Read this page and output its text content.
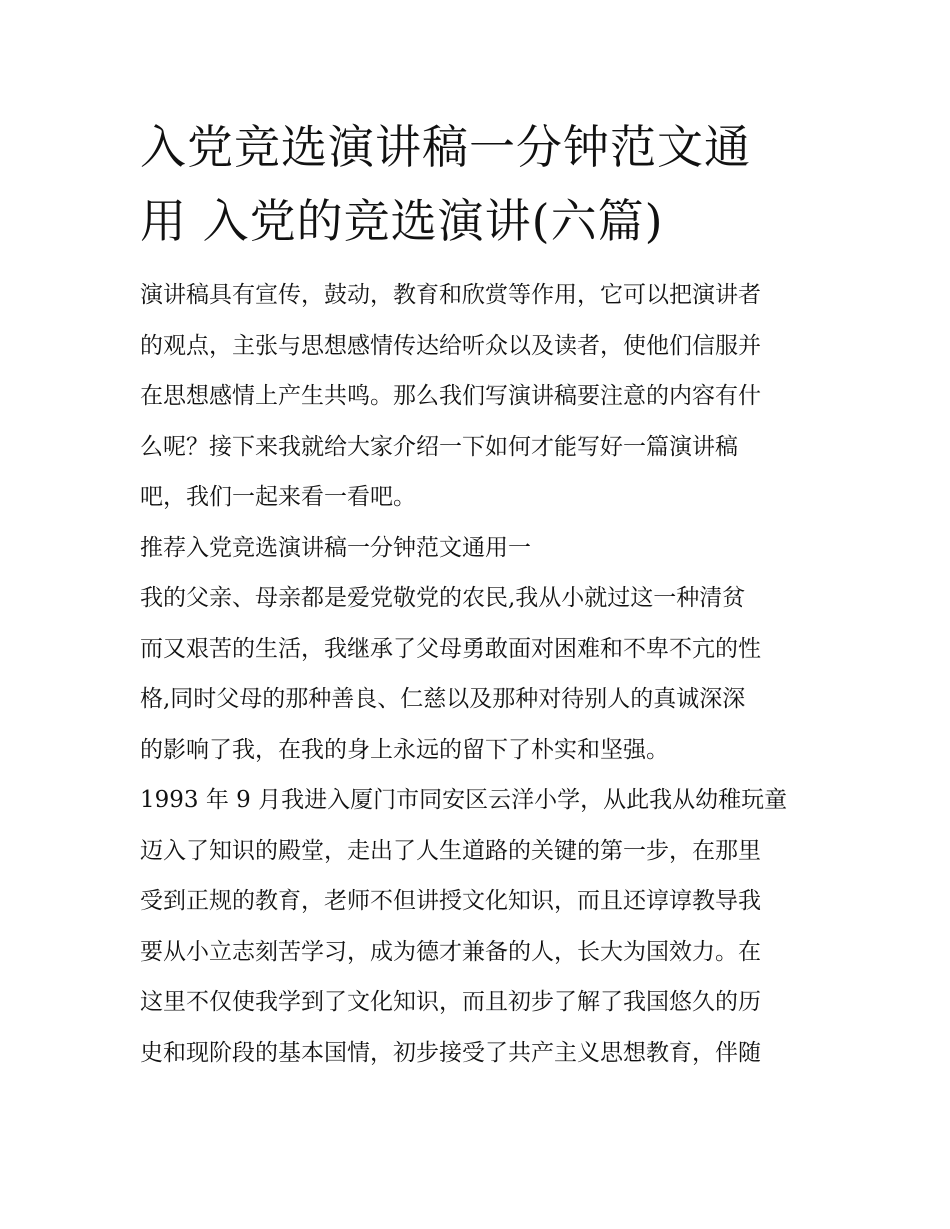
入党竞选演讲稿一分钟范文通
用 入党的竞选演讲(六篇)

演讲稿具有宣传，鼓动，教育和欣赏等作用，它可以把演讲者
的观点，主张与思想感情传达给听众以及读者，使他们信服并
在思想感情上产生共鸣。那么我们写演讲稿要注意的内容有什
么呢？接下来我就给大家介绍一下如何才能写好一篇演讲稿
吧，我们一起来看一看吧。

推荐入党竞选演讲稿一分钟范文通用一

我的父亲、母亲都是爱党敬党的农民,我从小就过这一种清贫
而又艰苦的生活，我继承了父母勇敢面对困难和不卑不亢的性
格,同时父母的那种善良、仁慈以及那种对待别人的真诚深深
的影响了我，在我的身上永远的留下了朴实和坚强。

1993 年 9 月我进入厦门市同安区云洋小学，从此我从幼稚玩童
迈入了知识的殿堂，走出了人生道路的关键的第一步，在那里
受到正规的教育，老师不但讲授文化知识，而且还谆谆教导我
要从小立志刻苦学习，成为德才兼备的人，长大为国效力。在
这里不仅使我学到了文化知识，而且初步了解了我国悠久的历
史和现阶段的基本国情，初步接受了共产主义思想教育，伴随
